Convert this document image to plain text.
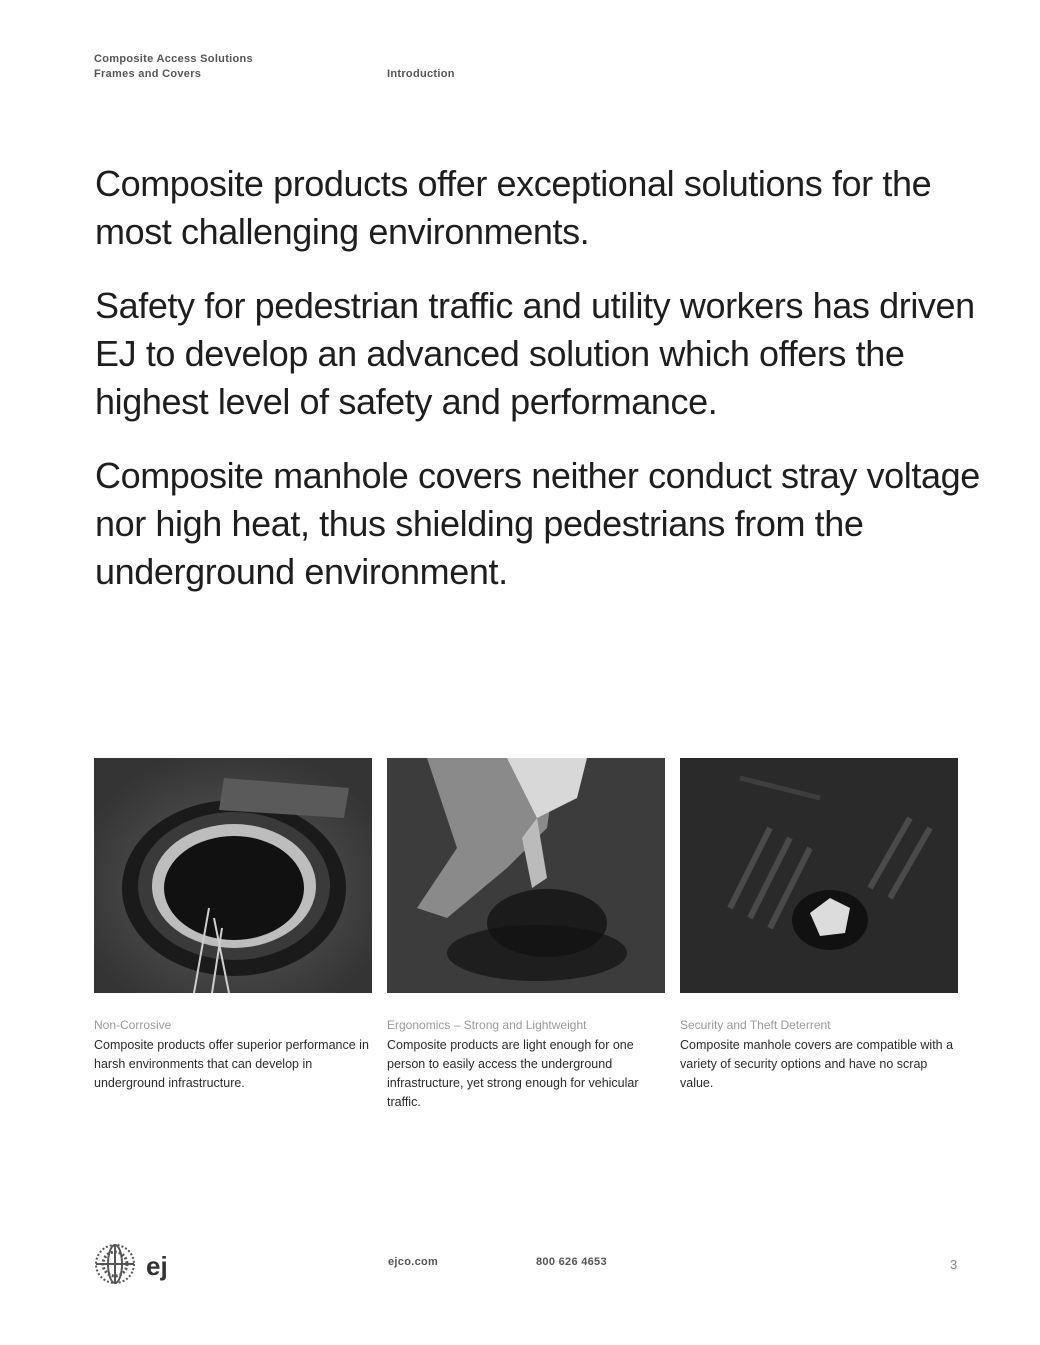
Composite Access Solutions
Frames and Covers	Introduction

Composite products offer exceptional solutions for the most challenging environments.

Safety for pedestrian traffic and utility workers has driven EJ to develop an advanced solution which offers the highest level of safety and performance.

Composite manhole covers neither conduct stray voltage nor high heat, thus shielding pedestrians from the underground environment.

Non-Corrosive
Composite products offer superior performance in harsh environments that can develop in underground infrastructure.
Ergonomics – Strong and Lightweight
Composite products are light enough for one person to easily access the underground infrastructure, yet strong enough for vehicular traffic.
Security and Theft Deterrent
Composite manhole covers are compatible with a variety of security options and have no scrap value.
ej	ejco.com	800 626 4653	3
